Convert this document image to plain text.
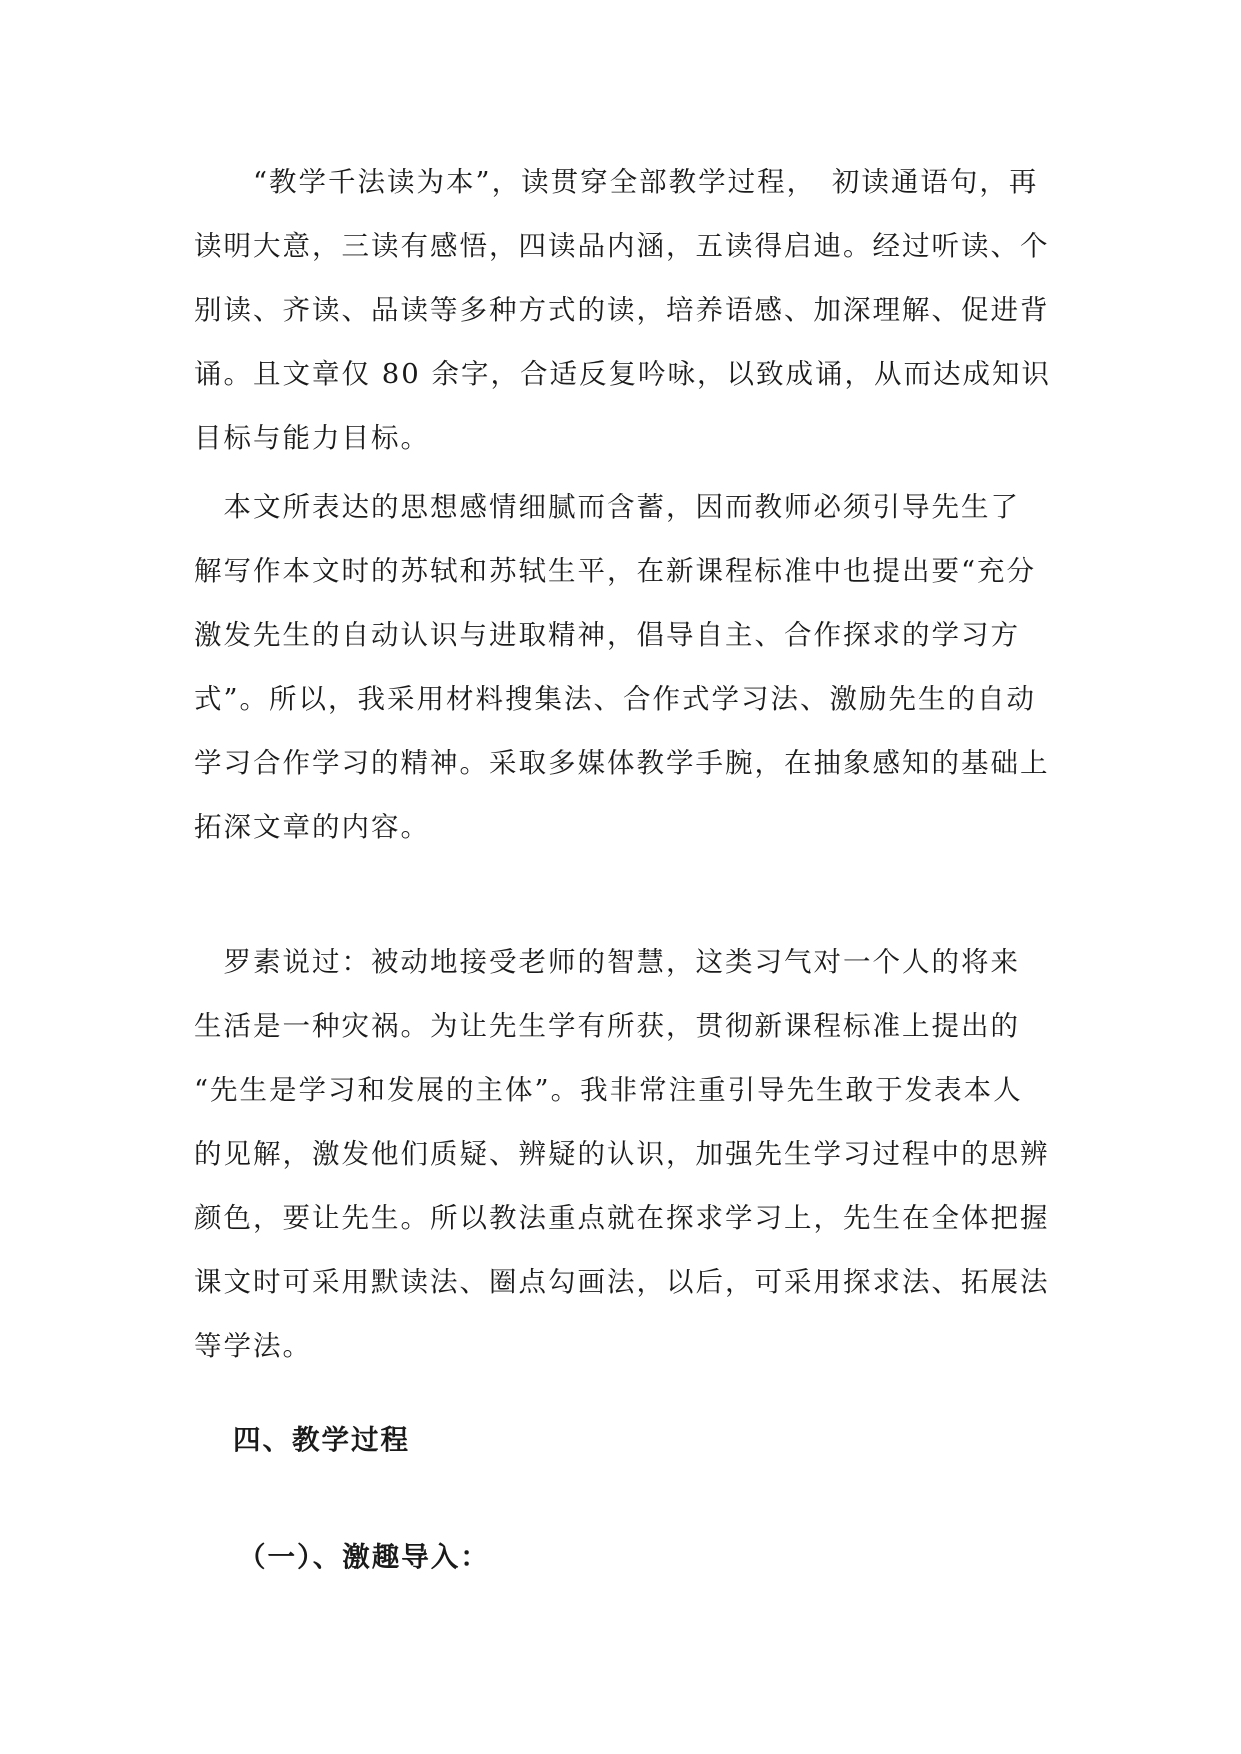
　　“教学千法读为本”，读贯穿全部教学过程，　初读通语句，再
读明大意，三读有感悟，四读品内涵，五读得启迪。经过听读、个
别读、齐读、品读等多种方式的读，培养语感、加深理解、促进背
诵。且文章仅 80 余字，合适反复吟咏，以致成诵，从而达成知识
目标与能力目标。
　本文所表达的思想感情细腻而含蓄，因而教师必须引导先生了
解写作本文时的苏轼和苏轼生平，在新课程标准中也提出要“充分
激发先生的自动认识与进取精神，倡导自主、合作探求的学习方
式”。所以，我采用材料搜集法、合作式学习法、激励先生的自动
学习合作学习的精神。采取多媒体教学手腕，在抽象感知的基础上
拓深文章的内容。
　罗素说过：被动地接受老师的智慧，这类习气对一个人的将来
生活是一种灾祸。为让先生学有所获，贯彻新课程标准上提出的
“先生是学习和发展的主体”。我非常注重引导先生敢于发表本人
的见解，激发他们质疑、辨疑的认识，加强先生学习过程中的思辨
颜色，要让先生。所以教法重点就在探求学习上，先生在全体把握
课文时可采用默读法、圈点勾画法，以后，可采用探求法、拓展法
等学法。
四、教学过程
（一）、激趣导入：
